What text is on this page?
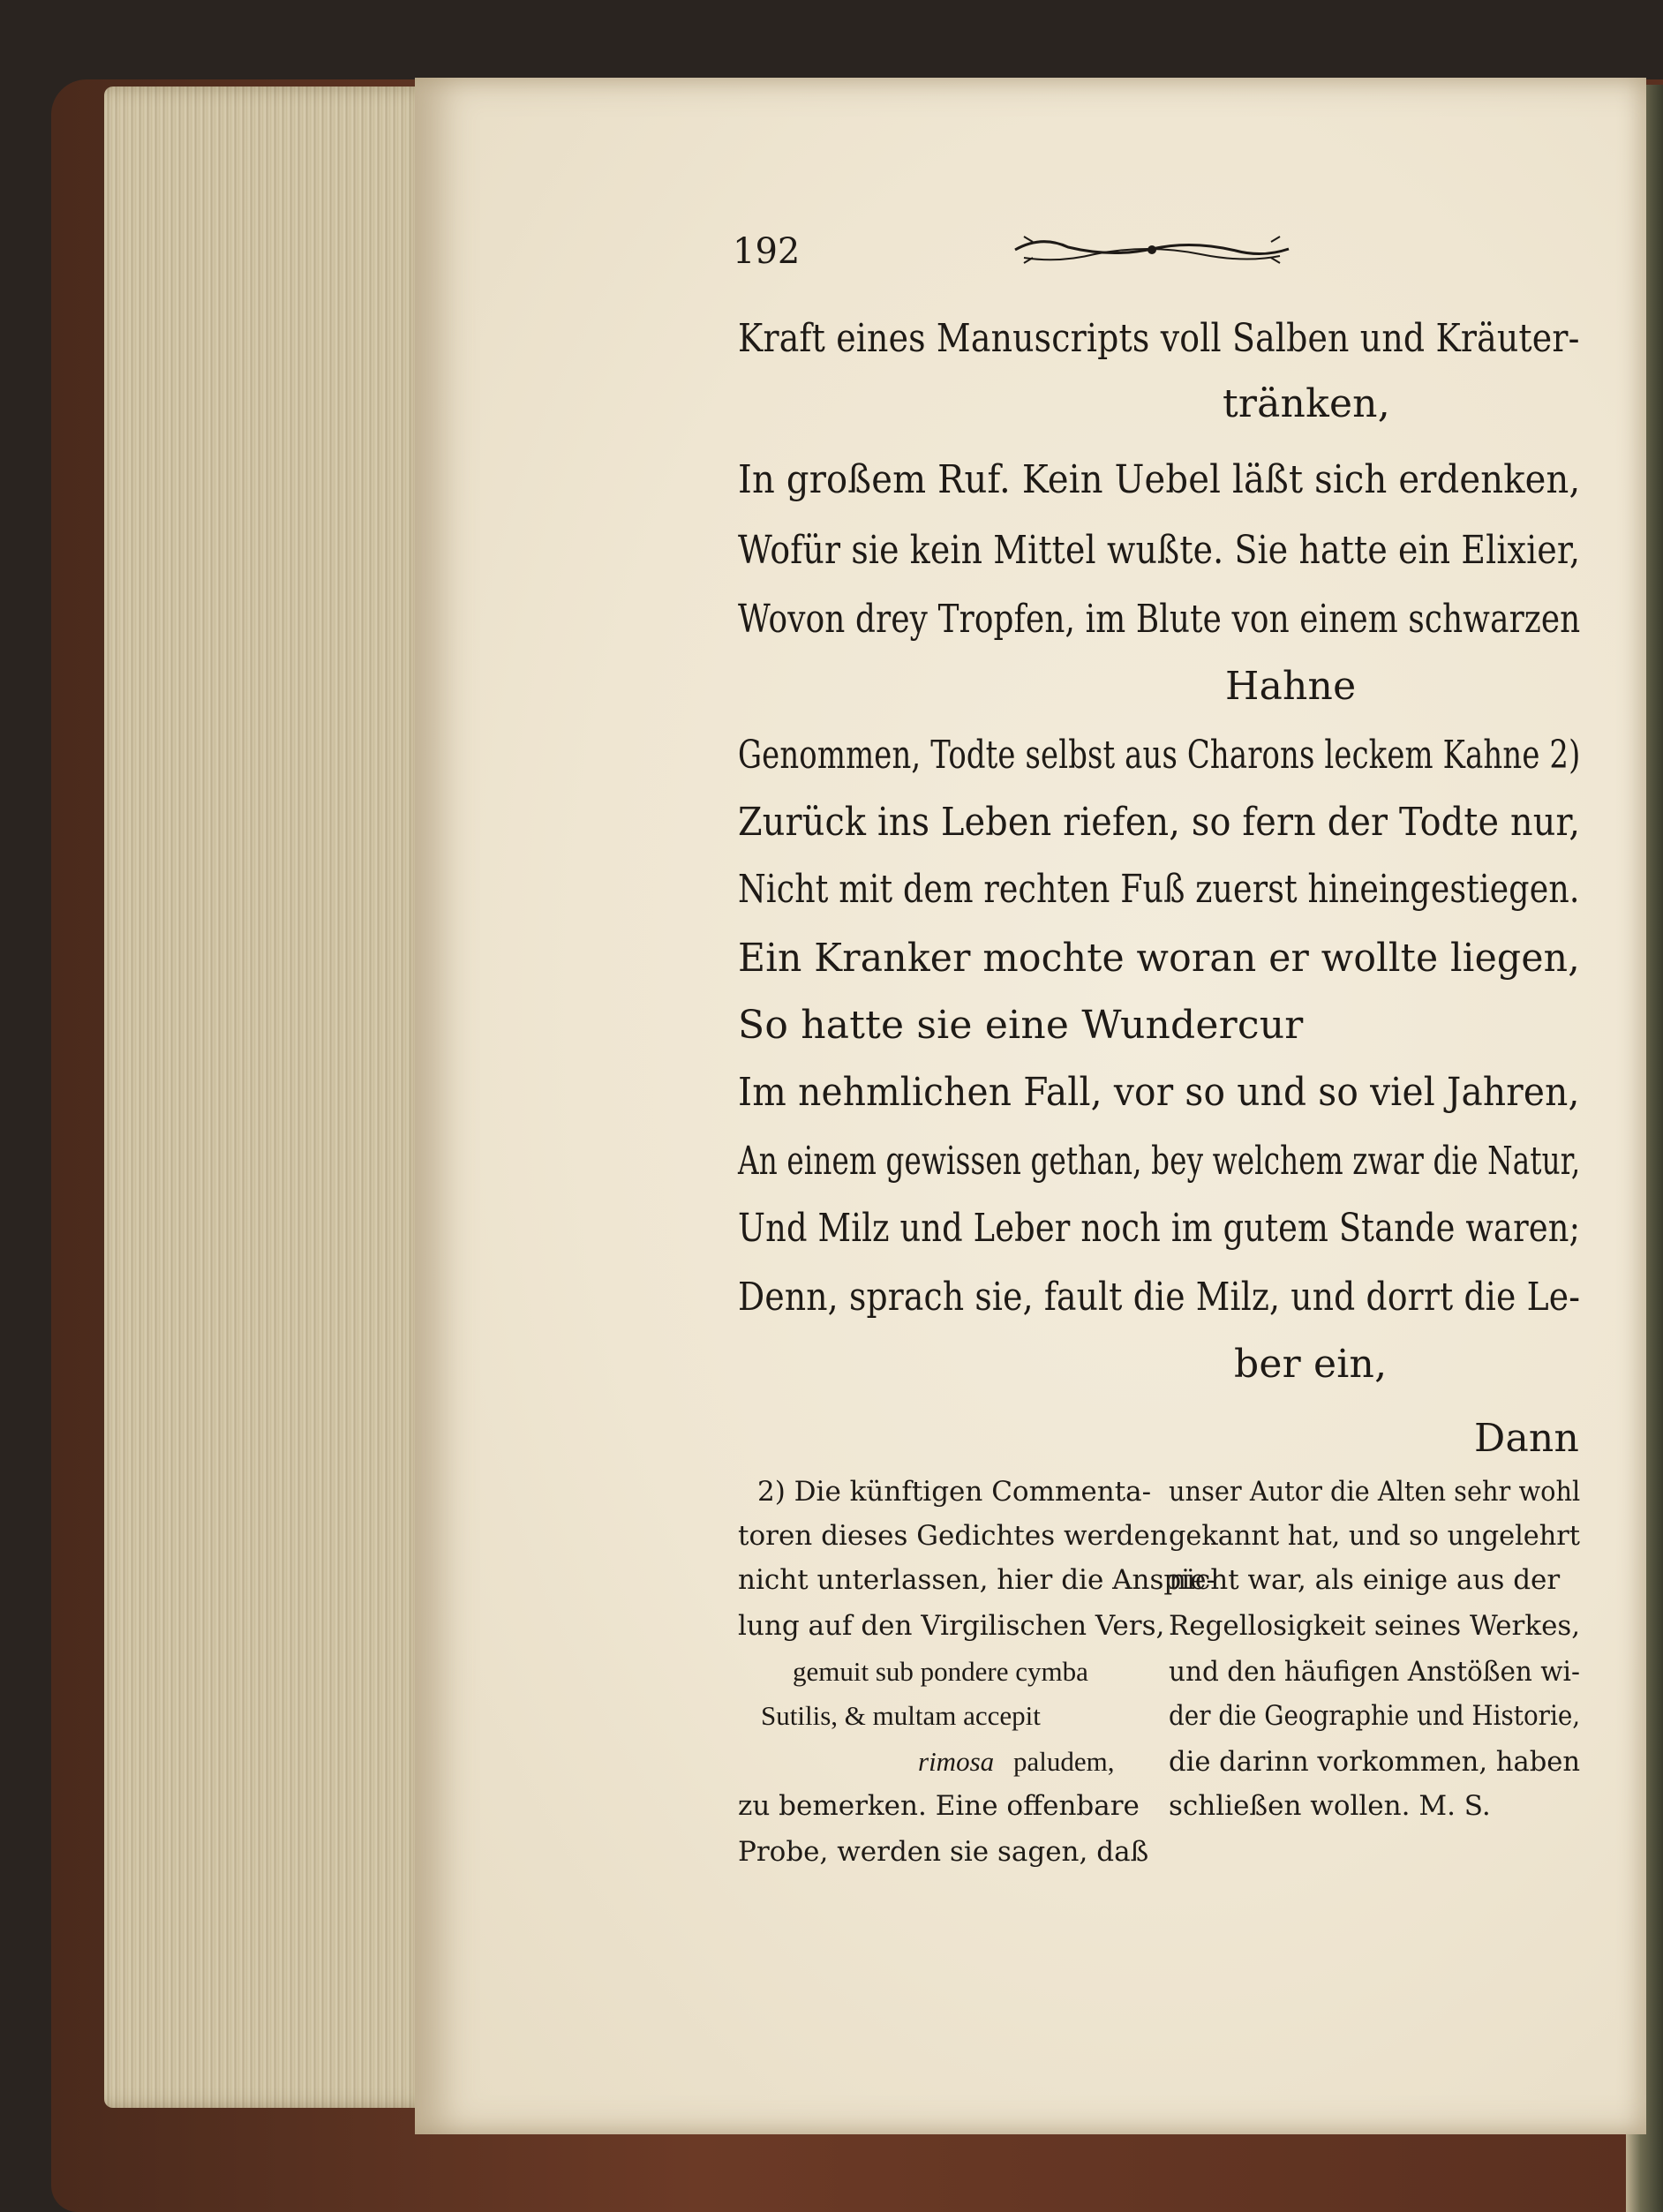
192
Kraft eines Manuscripts voll Salben und Kräuter-
tränken,
In großem Ruf. Kein Uebel läßt sich erdenken,
Wofür sie kein Mittel wußte. Sie hatte ein Elixier,
Wovon drey Tropfen, im Blute von einem schwarzen
Hahne
Genommen, Todte selbst aus Charons leckem Kahne 2)
Zurück ins Leben riefen, so fern der Todte nur,
Nicht mit dem rechten Fuß zuerst hineingestiegen.
Ein Kranker mochte woran er wollte liegen,
So hatte sie eine Wundercur
Im nehmlichen Fall, vor so und so viel Jahren,
An einem gewissen gethan, bey welchem zwar die Natur,
Und Milz und Leber noch im gutem Stande waren;
Denn, sprach sie, fault die Milz, und dorrt die Le-
ber ein,
Dann
2) Die künftigen Commenta-
toren dieses Gedichtes werden
nicht unterlassen, hier die Anspie-
lung auf den Virgilischen Vers,
gemuit sub pondere cymba
Sutilis, & multam accepit
rimosa paludem,
zu bemerken. Eine offenbare
Probe, werden sie sagen, daß
unser Autor die Alten sehr wohl
gekannt hat, und so ungelehrt
nicht war, als einige aus der
Regellosigkeit seines Werkes,
und den häufigen Anstößen wi-
der die Geographie und Historie,
die darinn vorkommen, haben
schließen wollen. M. S.
